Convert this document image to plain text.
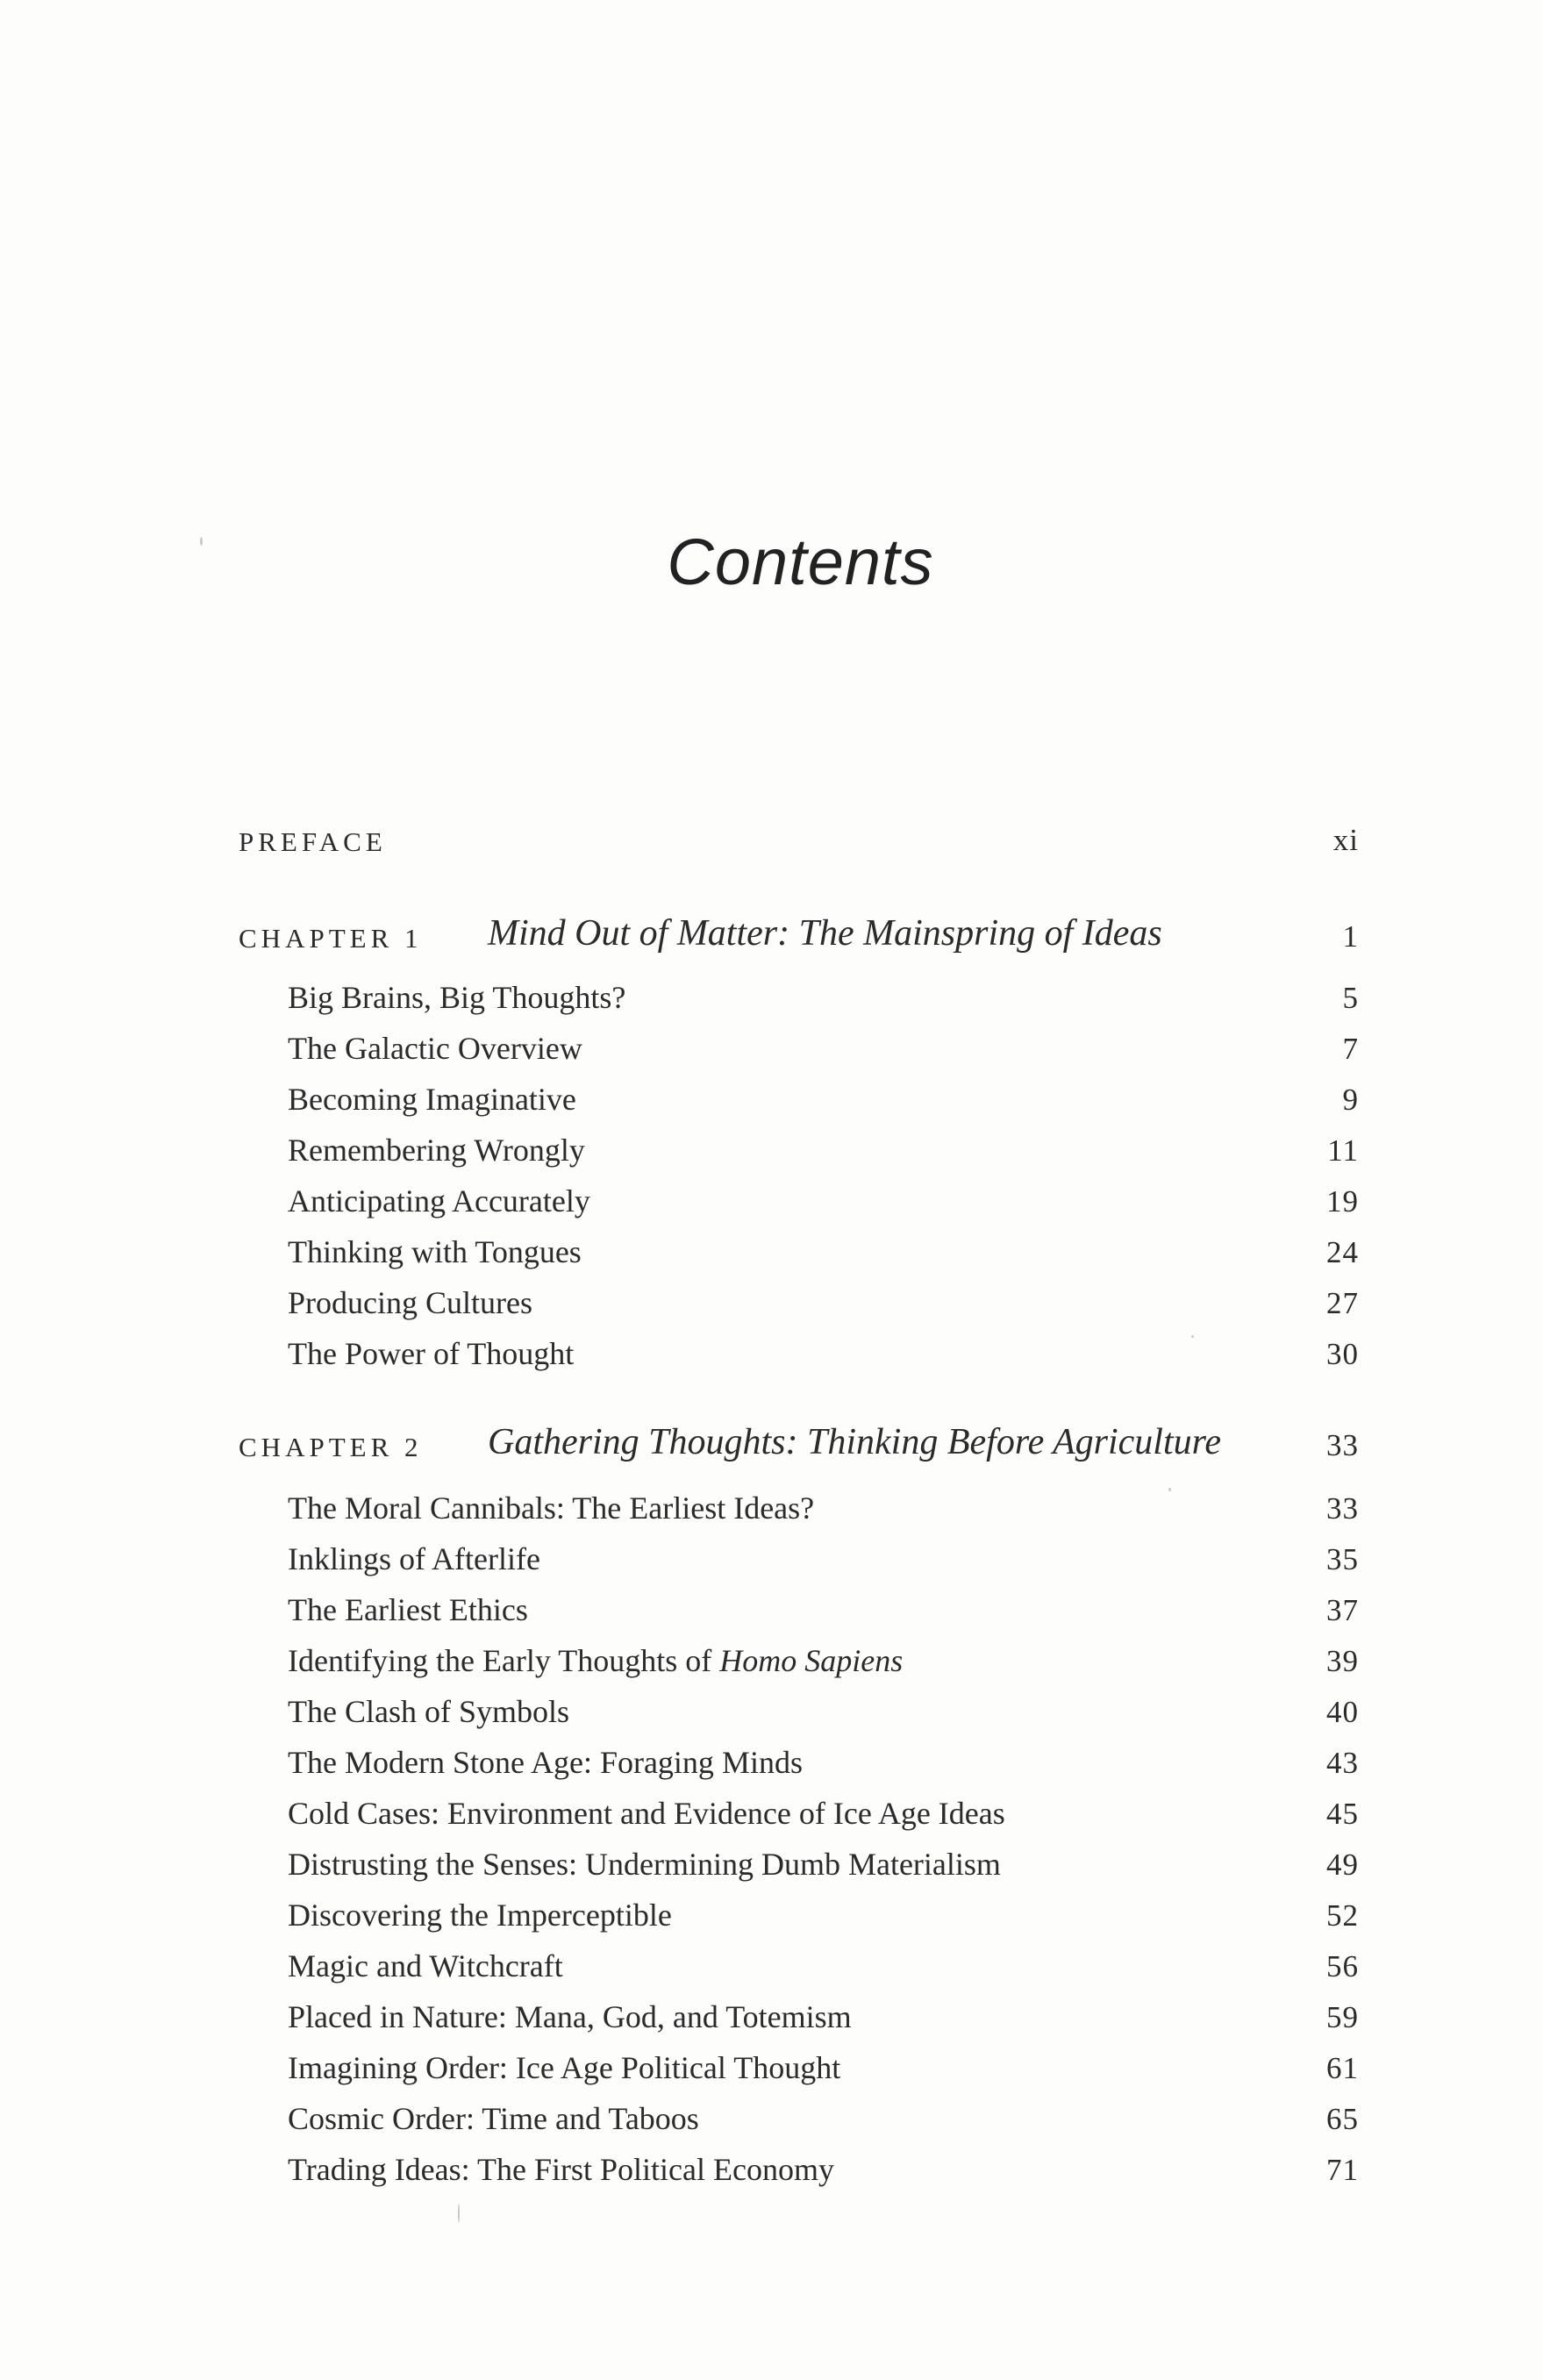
Contents
PREFACE	xi
CHAPTER 1 Mind Out of Matter: The Mainspring of Ideas	1
Big Brains, Big Thoughts?	5
The Galactic Overview	7
Becoming Imaginative	9
Remembering Wrongly	11
Anticipating Accurately	19
Thinking with Tongues	24
Producing Cultures	27
The Power of Thought	30
CHAPTER 2 Gathering Thoughts: Thinking Before Agriculture	33
The Moral Cannibals: The Earliest Ideas?	33
Inklings of Afterlife	35
The Earliest Ethics	37
Identifying the Early Thoughts of Homo Sapiens	39
The Clash of Symbols	40
The Modern Stone Age: Foraging Minds	43
Cold Cases: Environment and Evidence of Ice Age Ideas	45
Distrusting the Senses: Undermining Dumb Materialism	49
Discovering the Imperceptible	52
Magic and Witchcraft	56
Placed in Nature: Mana, God, and Totemism	59
Imagining Order: Ice Age Political Thought	61
Cosmic Order: Time and Taboos	65
Trading Ideas: The First Political Economy	71
